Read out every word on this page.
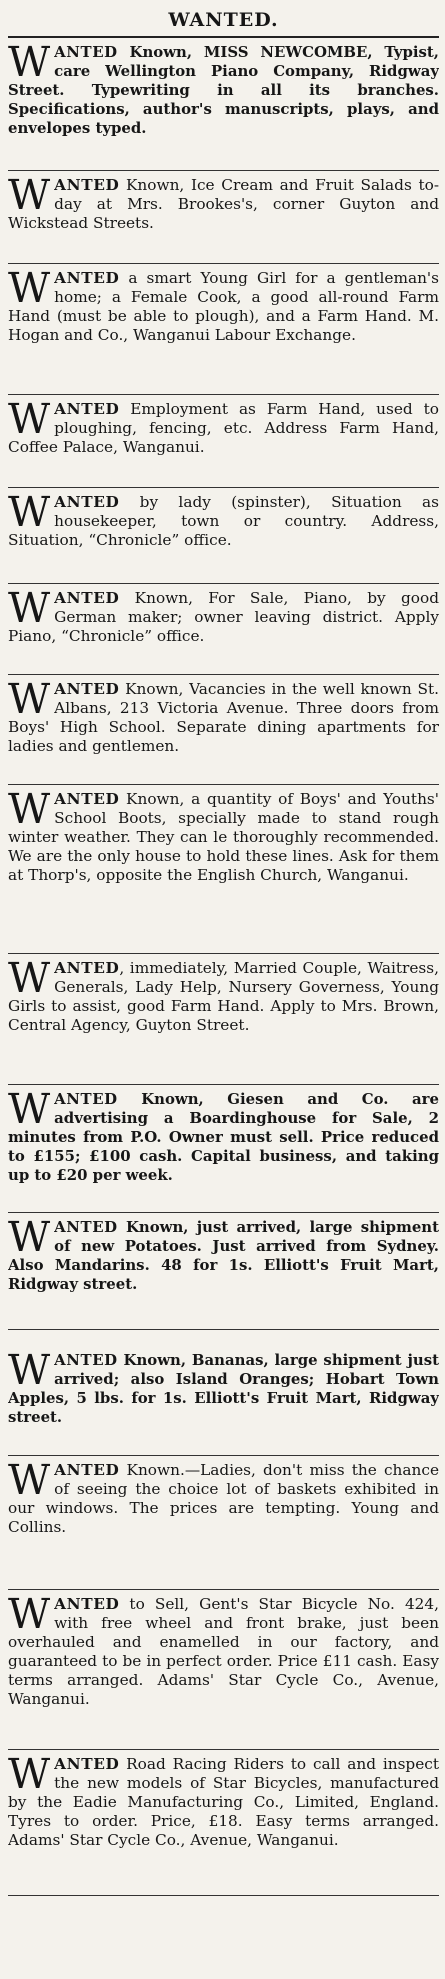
WANTED.
WANTED Known, MISS NEWCOMBE, Typist, care Wellington Piano Company, Ridgway Street. Typewriting in all its branches. Specifications, author's manuscripts, plays, and envelopes typed.
WANTED Known, Ice Cream and Fruit Salads to-day at Mrs. Brookes's, corner Guyton and Wickstead Streets.
WANTED a smart Young Girl for a gentleman's home; a Female Cook, a good all-round Farm Hand (must be able to plough), and a Farm Hand. M. Hogan and Co., Wanganui Labour Exchange.
WANTED Employment as Farm Hand, used to ploughing, fencing, etc. Address Farm Hand, Coffee Palace, Wanganui.
WANTED by lady (spinster), Situation as housekeeper, town or country. Address, Situation, “Chronicle” office.
WANTED Known, For Sale, Piano, by good German maker; owner leaving district. Apply Piano, “Chronicle” office.
WANTED Known, Vacancies in the well known St. Albans, 213 Victoria Avenue. Three doors from Boys' High School. Separate dining apartments for ladies and gentlemen.
WANTED Known, a quantity of Boys' and Youths' School Boots, specially made to stand rough winter weather. They can le thoroughly recommended. We are the only house to hold these lines. Ask for them at Thorp's, opposite the English Church, Wanganui.
WANTED, immediately, Married Couple, Waitress, Generals, Lady Help, Nursery Governess, Young Girls to assist, good Farm Hand. Apply to Mrs. Brown, Central Agency, Guyton Street.
WANTED Known, Giesen and Co. are advertising a Boardinghouse for Sale, 2 minutes from P.O. Owner must sell. Price reduced to £155; £100 cash. Capital business, and taking up to £20 per week.
WANTED Known, just arrived, large shipment of new Potatoes. Just arrived from Sydney. Also Mandarins. 48 for 1s. Elliott's Fruit Mart, Ridgway street.
WANTED Known, Bananas, large shipment just arrived; also Island Oranges; Hobart Town Apples, 5 lbs. for 1s. Elliott's Fruit Mart, Ridgway street.
WANTED Known.—Ladies, don't miss the chance of seeing the choice lot of baskets exhibited in our windows. The prices are tempting. Young and Collins.
WANTED to Sell, Gent's Star Bicycle No. 424, with free wheel and front brake, just been overhauled and enamelled in our factory, and guaranteed to be in perfect order. Price £11 cash. Easy terms arranged. Adams' Star Cycle Co., Avenue, Wanganui.
WANTED Road Racing Riders to call and inspect the new models of Star Bicycles, manufactured by the Eadie Manufacturing Co., Limited, England. Tyres to order. Price, £18. Easy terms arranged. Adams' Star Cycle Co., Avenue, Wanganui.
